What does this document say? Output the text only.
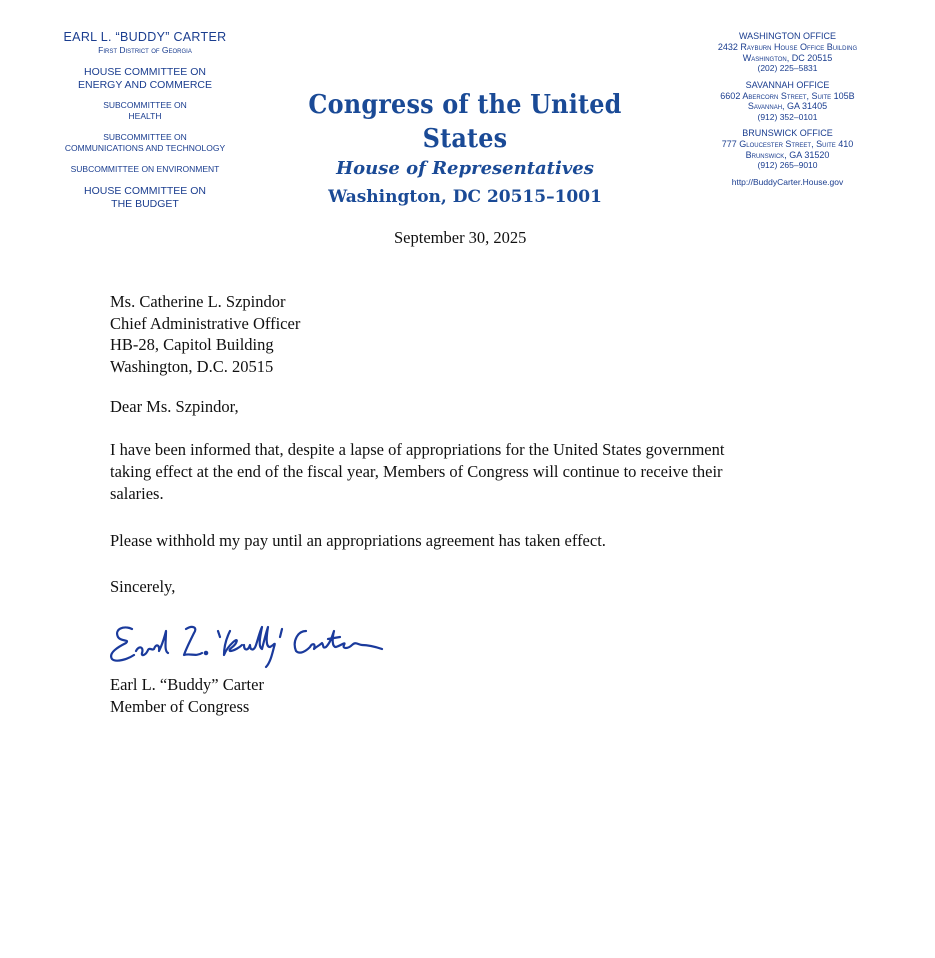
EARL L. “BUDDY” CARTER
First District of Georgia
HOUSE COMMITTEE ON
ENERGY AND COMMERCE
SUBCOMMITTEE ON
HEALTH
SUBCOMMITTEE ON
COMMUNICATIONS AND TECHNOLOGY
SUBCOMMITTEE ON ENVIRONMENT
HOUSE COMMITTEE ON
THE BUDGET
Congress of the United States
House of Representatives
Washington, DC 20515–1001
WASHINGTON OFFICE
2432 Rayburn House Office Building
Washington, DC 20515
(202) 225–5831
SAVANNAH OFFICE
6602 Abercorn Street, Suite 105B
Savannah, GA 31405
(912) 352–0101
BRUNSWICK OFFICE
777 Gloucester Street, Suite 410
Brunswick, GA 31520
(912) 265–9010
http://BuddyCarter.House.gov
September 30, 2025
Ms. Catherine L. Szpindor
Chief Administrative Officer
HB-28, Capitol Building
Washington, D.C. 20515
Dear Ms. Szpindor,
I have been informed that, despite a lapse of appropriations for the United States government
taking effect at the end of the fiscal year, Members of Congress will continue to receive their
salaries.
Please withhold my pay until an appropriations agreement has taken effect.
Sincerely,
Earl L. “Buddy” Carter
Member of Congress
